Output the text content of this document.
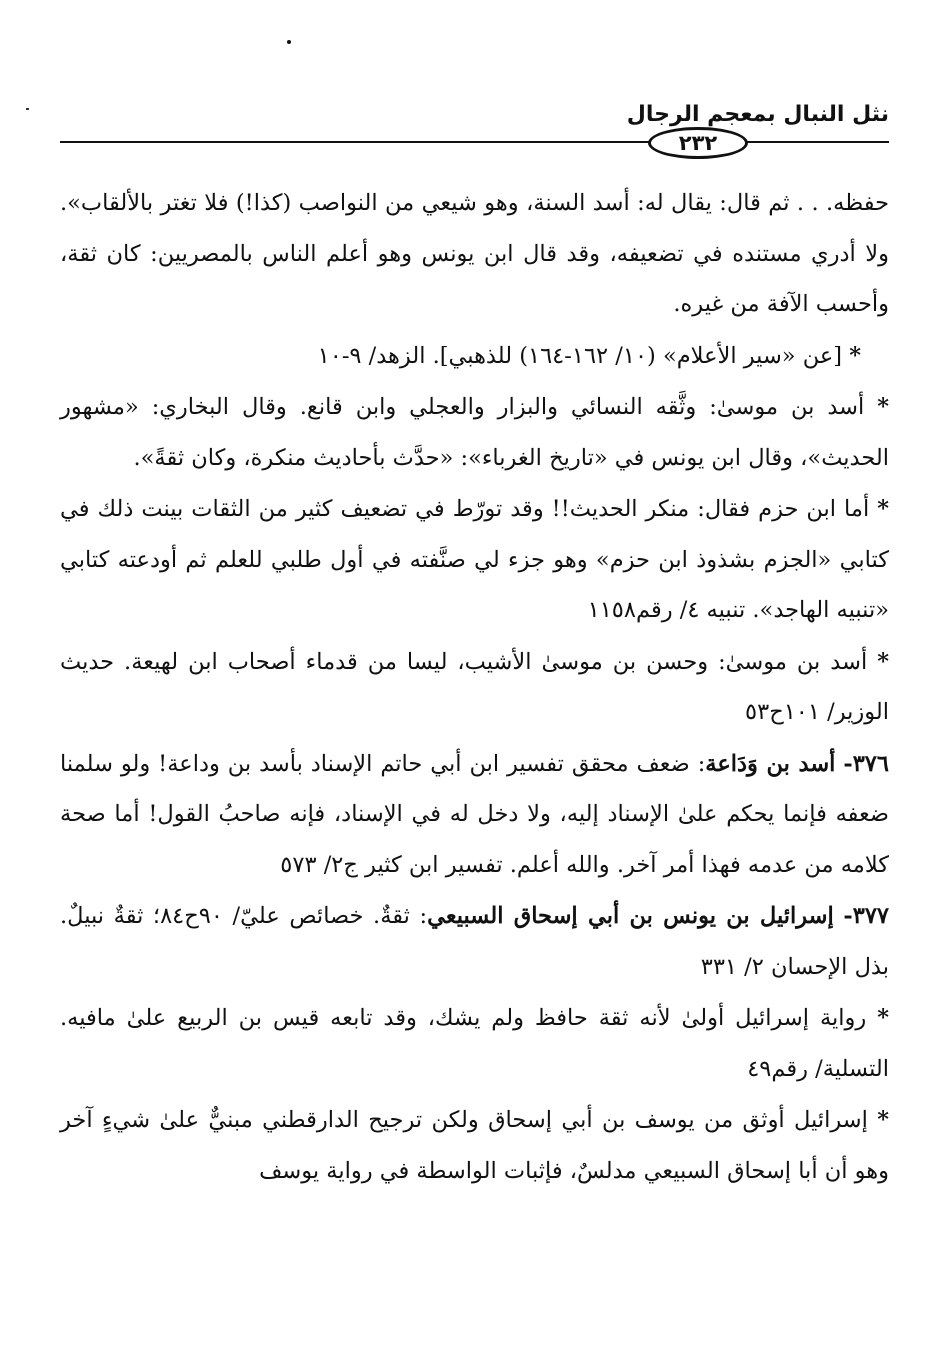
نثل النبال بمعجم الرجال
٢٣٢

حفظه. . . ثم قال: يقال له: أسد السنة، وهو شيعي من النواصب (كذا!) فلا تغتر بالألقاب». ولا أدري مستنده في تضعيفه، وقد قال ابن يونس وهو أعلم الناس بالمصريين: كان ثقة، وأحسب الآفة من غيره.

* [عن «سير الأعلام» (١٠/ ١٦٢-١٦٤) للذهبي]. الزهد/ ٩-١٠

* أسد بن موسىٰ: وثَّقه النسائي والبزار والعجلي وابن قانع. وقال البخاري: «مشهور الحديث»، وقال ابن يونس في «تاريخ الغرباء»: «حدَّث بأحاديث منكرة، وكان ثقةً».

* أما ابن حزم فقال: منكر الحديث!! وقد تورّط في تضعيف كثير من الثقات بينت ذلك في كتابي «الجزم بشذوذ ابن حزم» وهو جزء لي صنَّفته في أول طلبي للعلم ثم أودعته كتابي «تنبيه الهاجد». تنبيه ٤/ رقم١١٥٨

* أسد بن موسىٰ: وحسن بن موسىٰ الأشيب، ليسا من قدماء أصحاب ابن لهيعة. حديث الوزير/ ١٠١ح٥٣

٣٧٦- أسد بن وَدَاعة: ضعف محقق تفسير ابن أبي حاتم الإسناد بأسد بن وداعة! ولو سلمنا ضعفه فإنما يحكم علىٰ الإسناد إليه، ولا دخل له في الإسناد، فإنه صاحبُ القول! أما صحة كلامه من عدمه فهذا أمر آخر. والله أعلم. تفسير ابن كثير ج٢/ ٥٧٣

٣٧٧- إسرائيل بن يونس بن أبي إسحاق السبيعي: ثقةٌ. خصائص عليّ/ ٩٠ح٨٤؛ ثقةٌ نبيلٌ. بذل الإحسان ٢/ ٣٣١

* رواية إسرائيل أولىٰ لأنه ثقة حافظ ولم يشك، وقد تابعه قيس بن الربيع علىٰ مافيه. التسلية/ رقم٤٩

* إسرائيل أوثق من يوسف بن أبي إسحاق ولكن ترجيح الدارقطني مبنيٌّ علىٰ شيءٍ آخر وهو أن أبا إسحاق السبيعي مدلسٌ، فإثبات الواسطة في رواية يوسف
